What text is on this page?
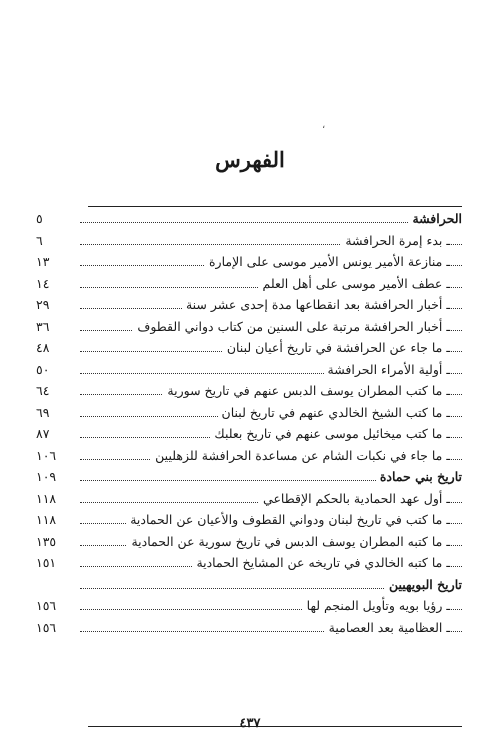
،
الفهرس
الحرافشة
٥
ـ بدء إمرة الحرافشة
٦
ـ منازعة الأمير يونس الأمير موسى على الإمارة
١٣
ـ عطف الأمير موسى على أهل العلم
١٤
ـ أخبار الحرافشة بعد انقطاعها مدة إحدى عشر سنة
٢٩
ـ أخبار الحرافشة مرتبة على السنين من كتاب دواني القطوف
٣٦
ـ ما جاء عن الحرافشة في تاريخ أعيان لبنان
٤٨
ـ أولية الأمراء الحرافشة
٥٠
ـ ما كتب المطران يوسف الدبس عنهم في تاريخ سورية
٦٤
ـ ما كتب الشيخ الخالدي عنهم في تاريخ لبنان
٦٩
ـ ما كتب ميخائيل موسى عنهم في تاريخ بعلبك
٨٧
ـ ما جاء في نكبات الشام عن مساعدة الحرافشة للزهليين
١٠٦
تاريخ بني حمادة
١٠٩
ـ أول عهد الحمادية بالحكم الإقطاعي
١١٨
ـ ما كتب في تاريخ لبنان ودواني القطوف والأعيان عن الحمادية
١١٨
ـ ما كتبه المطران يوسف الدبس في تاريخ سورية عن الحمادية
١٣٥
ـ ما كتبه الخالدي في تاريخه عن المشايخ الحمادية
١٥١
تاريخ البويهيين
ـ رؤيا بويه وتأويل المنجم لها
١٥٦
ـ العظامية بعد العصامية
١٥٦
٤٣٧
